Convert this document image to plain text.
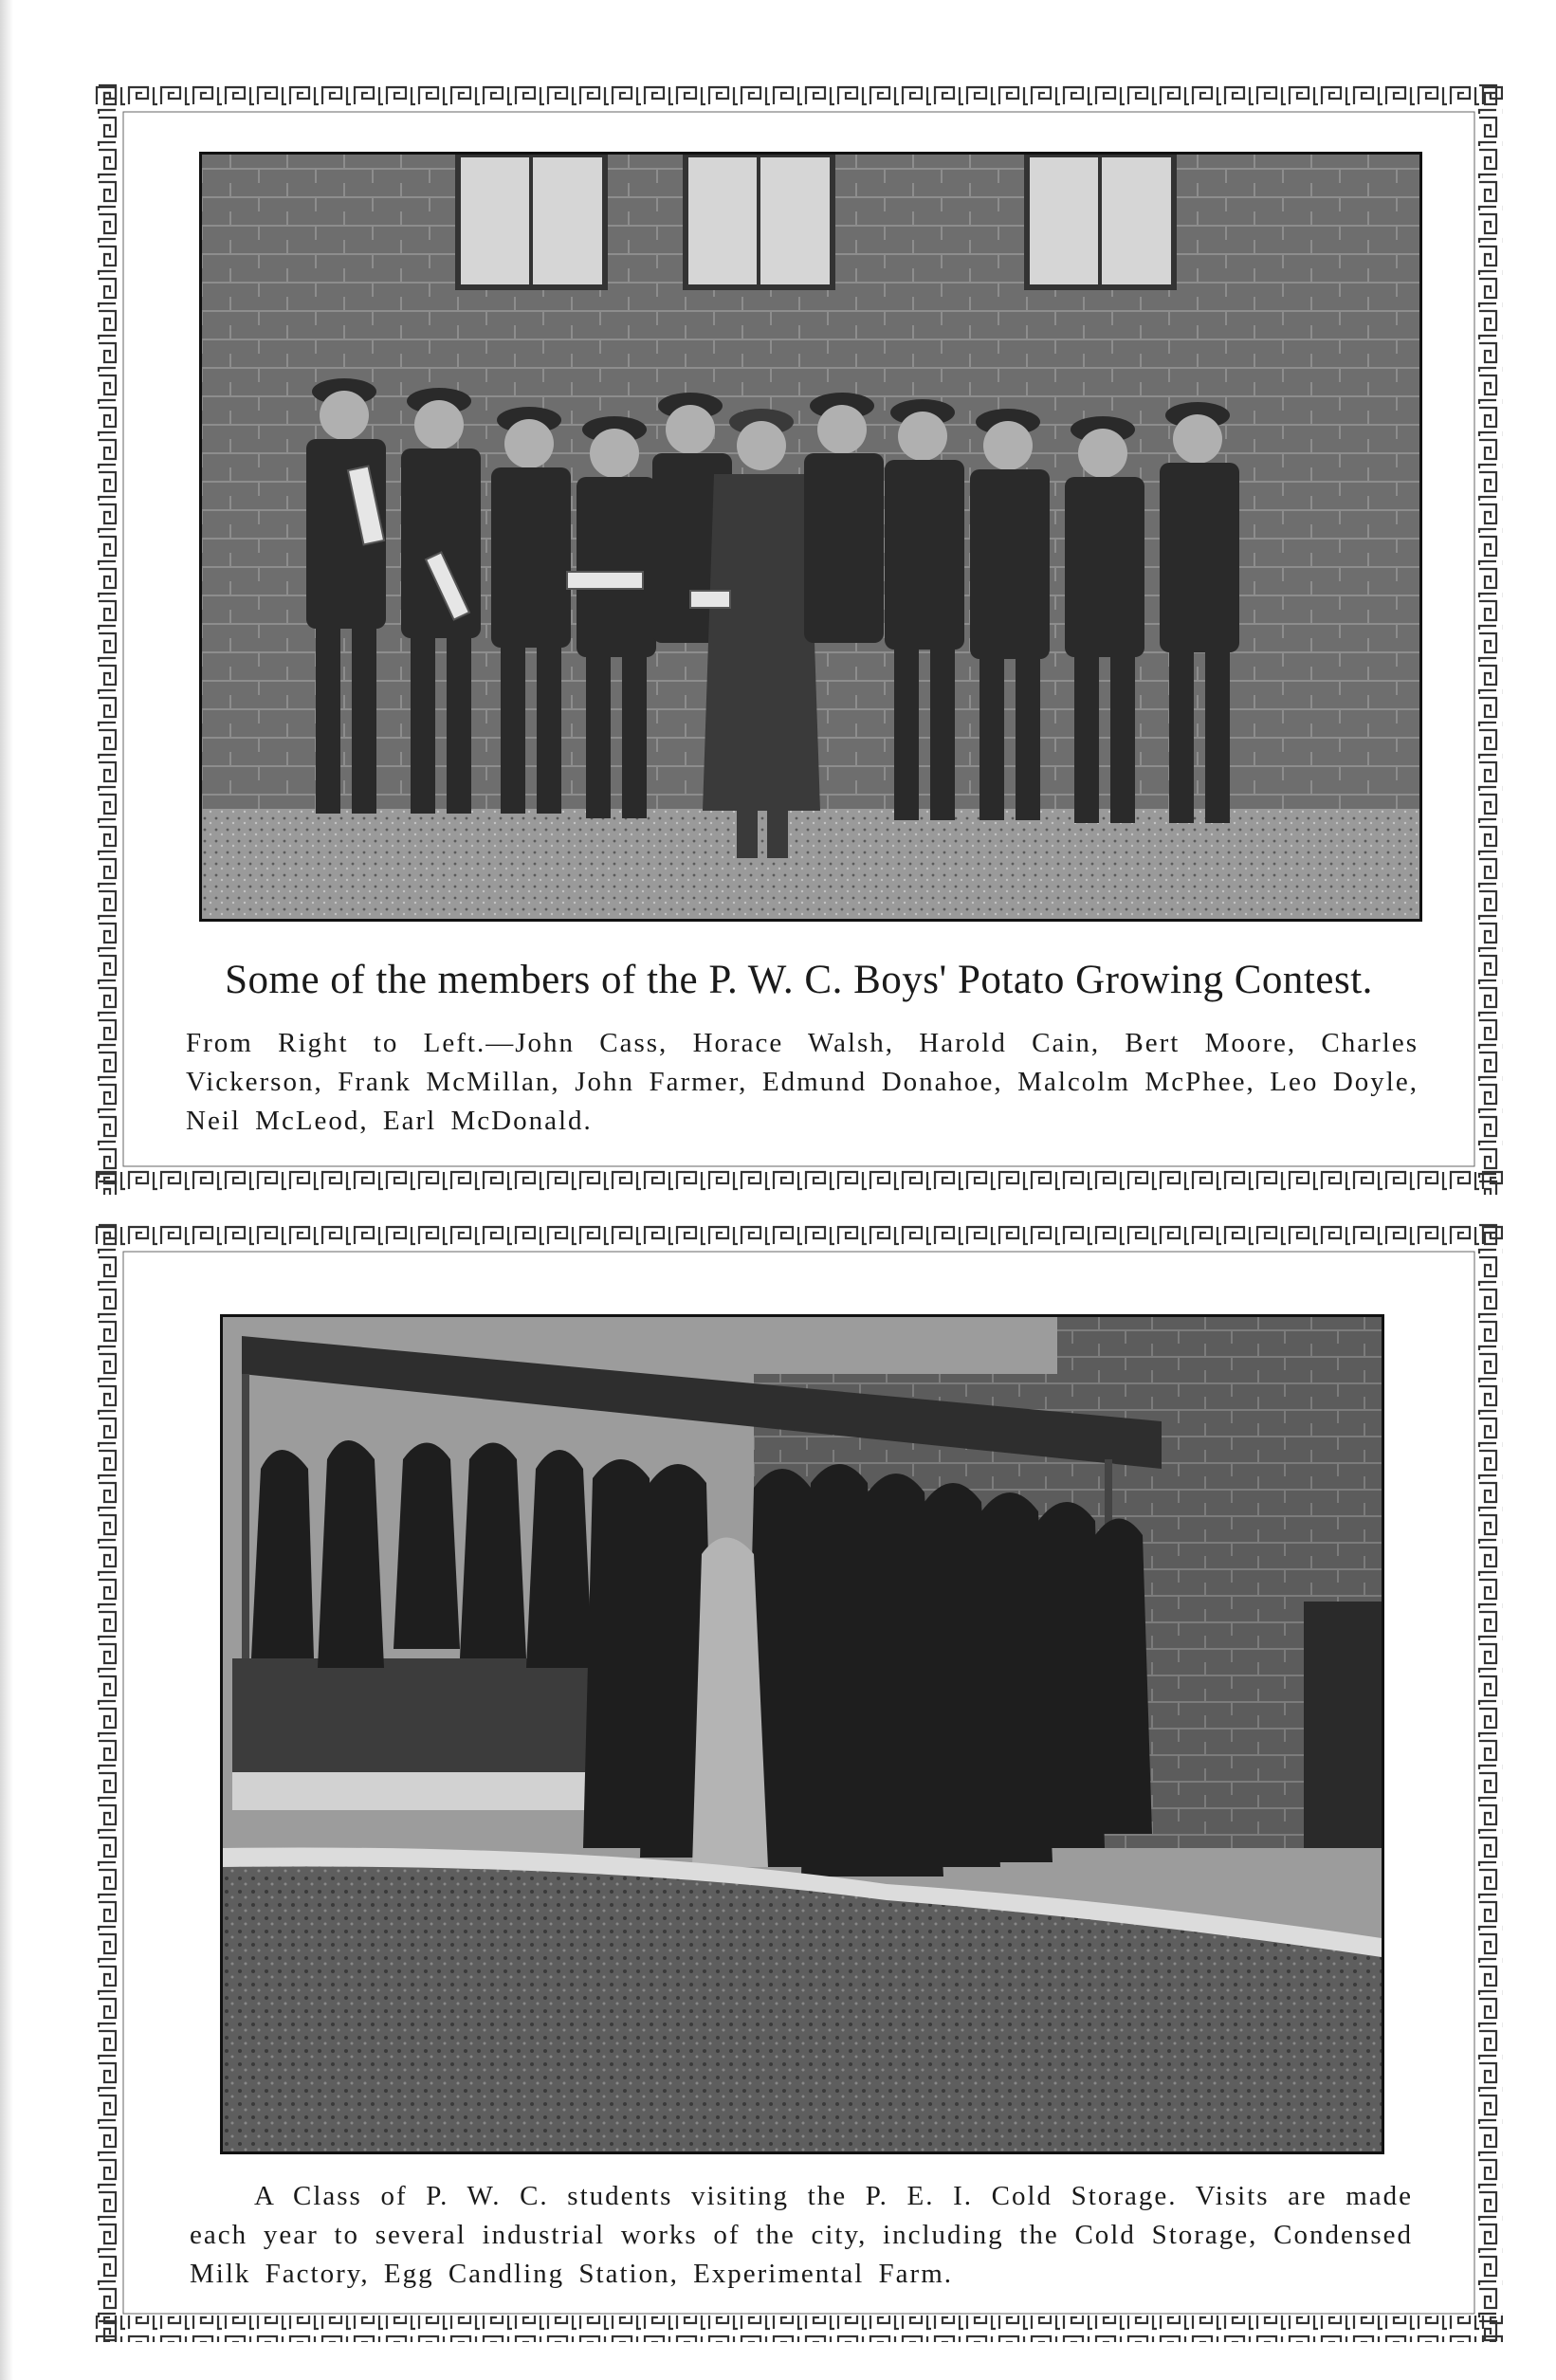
Some of the members of the P. W. C. Boys' Potato Growing Contest.
From Right to Left.—John Cass, Horace Walsh, Harold Cain, Bert Moore, Charles Vickerson, Frank McMillan, John Farmer, Edmund Donahoe, Malcolm McPhee, Leo Doyle, Neil McLeod, Earl McDonald.
A Class of P. W. C. students visiting the P. E. I. Cold Storage. Visits are made each year to several industrial works of the city, including the Cold Storage, Condensed Milk Factory, Egg Candling Station, Experimental Farm.
